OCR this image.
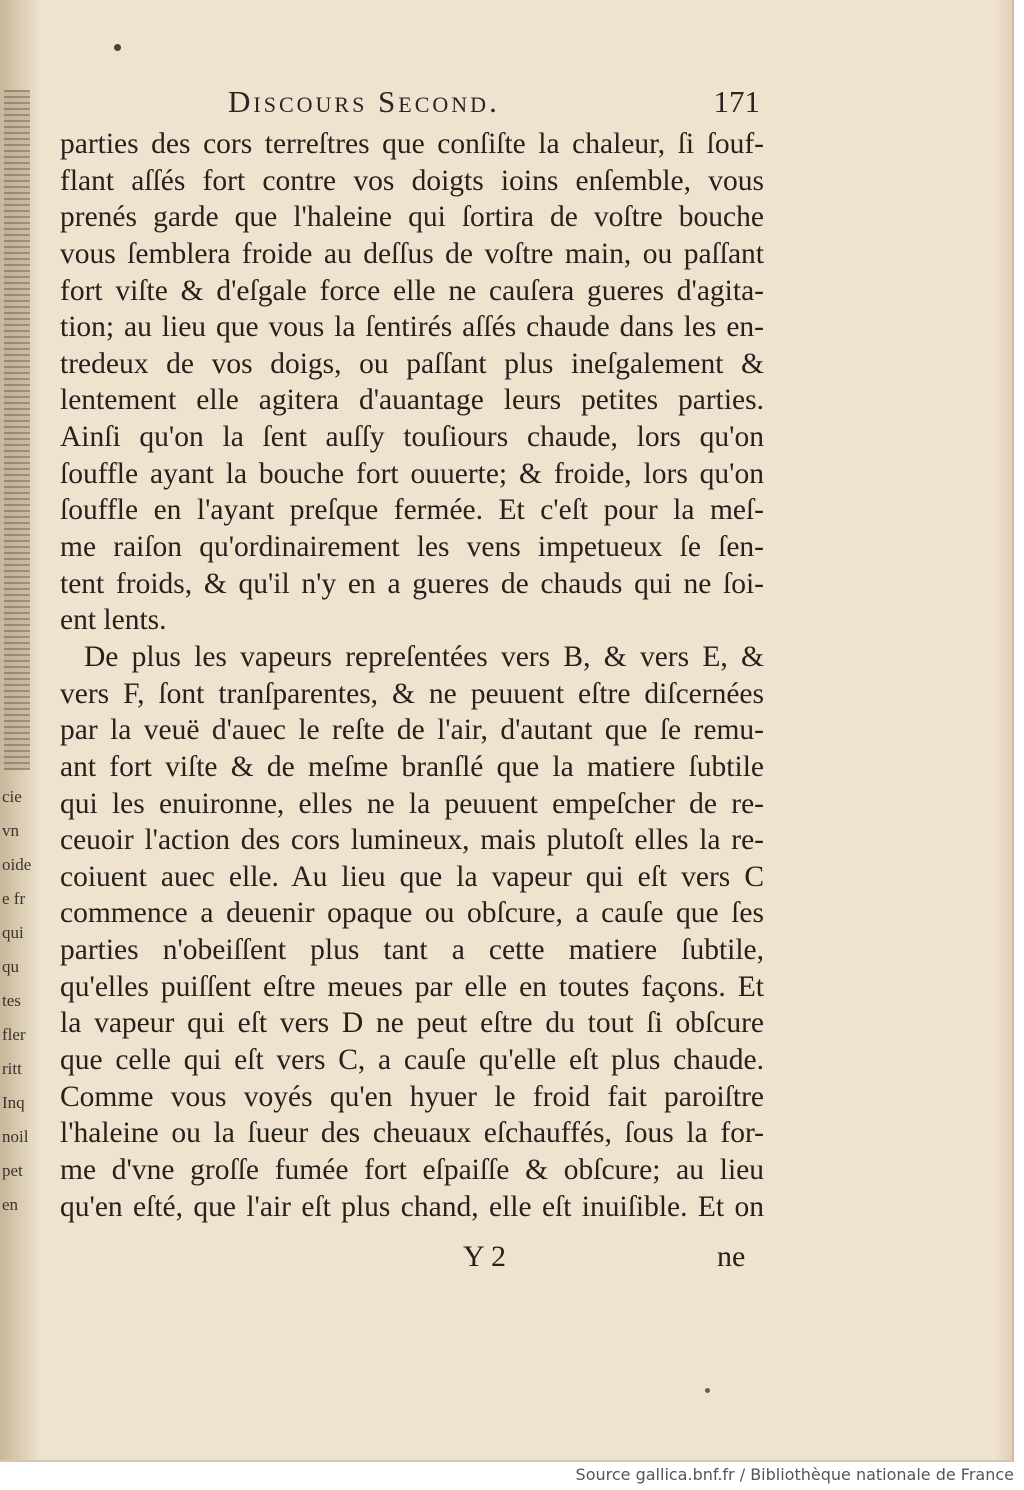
cie
vn
oide
e fr
qui
qu
tes
fler
ritt
Inq
noil
pet
en
Discours Second.	171
parties des cors terreſtres que conſiſte la chaleur, ſi ſouf-
flant aſſés fort contre vos doigts ioins enſemble, vous
prenés garde que l'haleine qui ſortira de voſtre bouche
vous ſemblera froide au deſſus de voſtre main, ou paſſant
fort viſte & d'eſgale force elle ne cauſera gueres d'agita-
tion; au lieu que vous la ſentirés aſſés chaude dans les en-
tredeux de vos doigs, ou paſſant plus ineſgalement &
lentement elle agitera d'auantage leurs petites parties.
Ainſi qu'on la ſent auſſy touſiours chaude, lors qu'on
ſouffle ayant la bouche fort ouuerte; & froide, lors qu'on
ſouffle en l'ayant preſque fermée. Et c'eſt pour la meſ-
me raiſon qu'ordinairement les vens impetueux ſe ſen-
tent froids, & qu'il n'y en a gueres de chauds qui ne ſoi-
ent lents.
De plus les vapeurs repreſentées vers B, & vers E, &
vers F, ſont tranſparentes, & ne peuuent eſtre diſcernées
par la veuë d'auec le reſte de l'air, d'autant que ſe remu-
ant fort viſte & de meſme branſlé que la matiere ſubtile
qui les enuironne, elles ne la peuuent empeſcher de re-
ceuoir l'action des cors lumineux, mais plutoſt elles la re-
coiuent auec elle. Au lieu que la vapeur qui eſt vers C
commence a deuenir opaque ou obſcure, a cauſe que ſes
parties n'obeiſſent plus tant a cette matiere ſubtile,
qu'elles puiſſent eſtre meues par elle en toutes façons. Et
la vapeur qui eſt vers D ne peut eſtre du tout ſi obſcure
que celle qui eſt vers C, a cauſe qu'elle eſt plus chaude.
Comme vous voyés qu'en hyuer le froid fait paroiſtre
l'haleine ou la ſueur des cheuaux eſchauffés, ſous la for-
me d'vne groſſe fumée fort eſpaiſſe & obſcure; au lieu
qu'en eſté, que l'air eſt plus chand, elle eſt inuiſible. Et on
Y 2	ne
Source gallica.bnf.fr / Bibliothèque nationale de France
